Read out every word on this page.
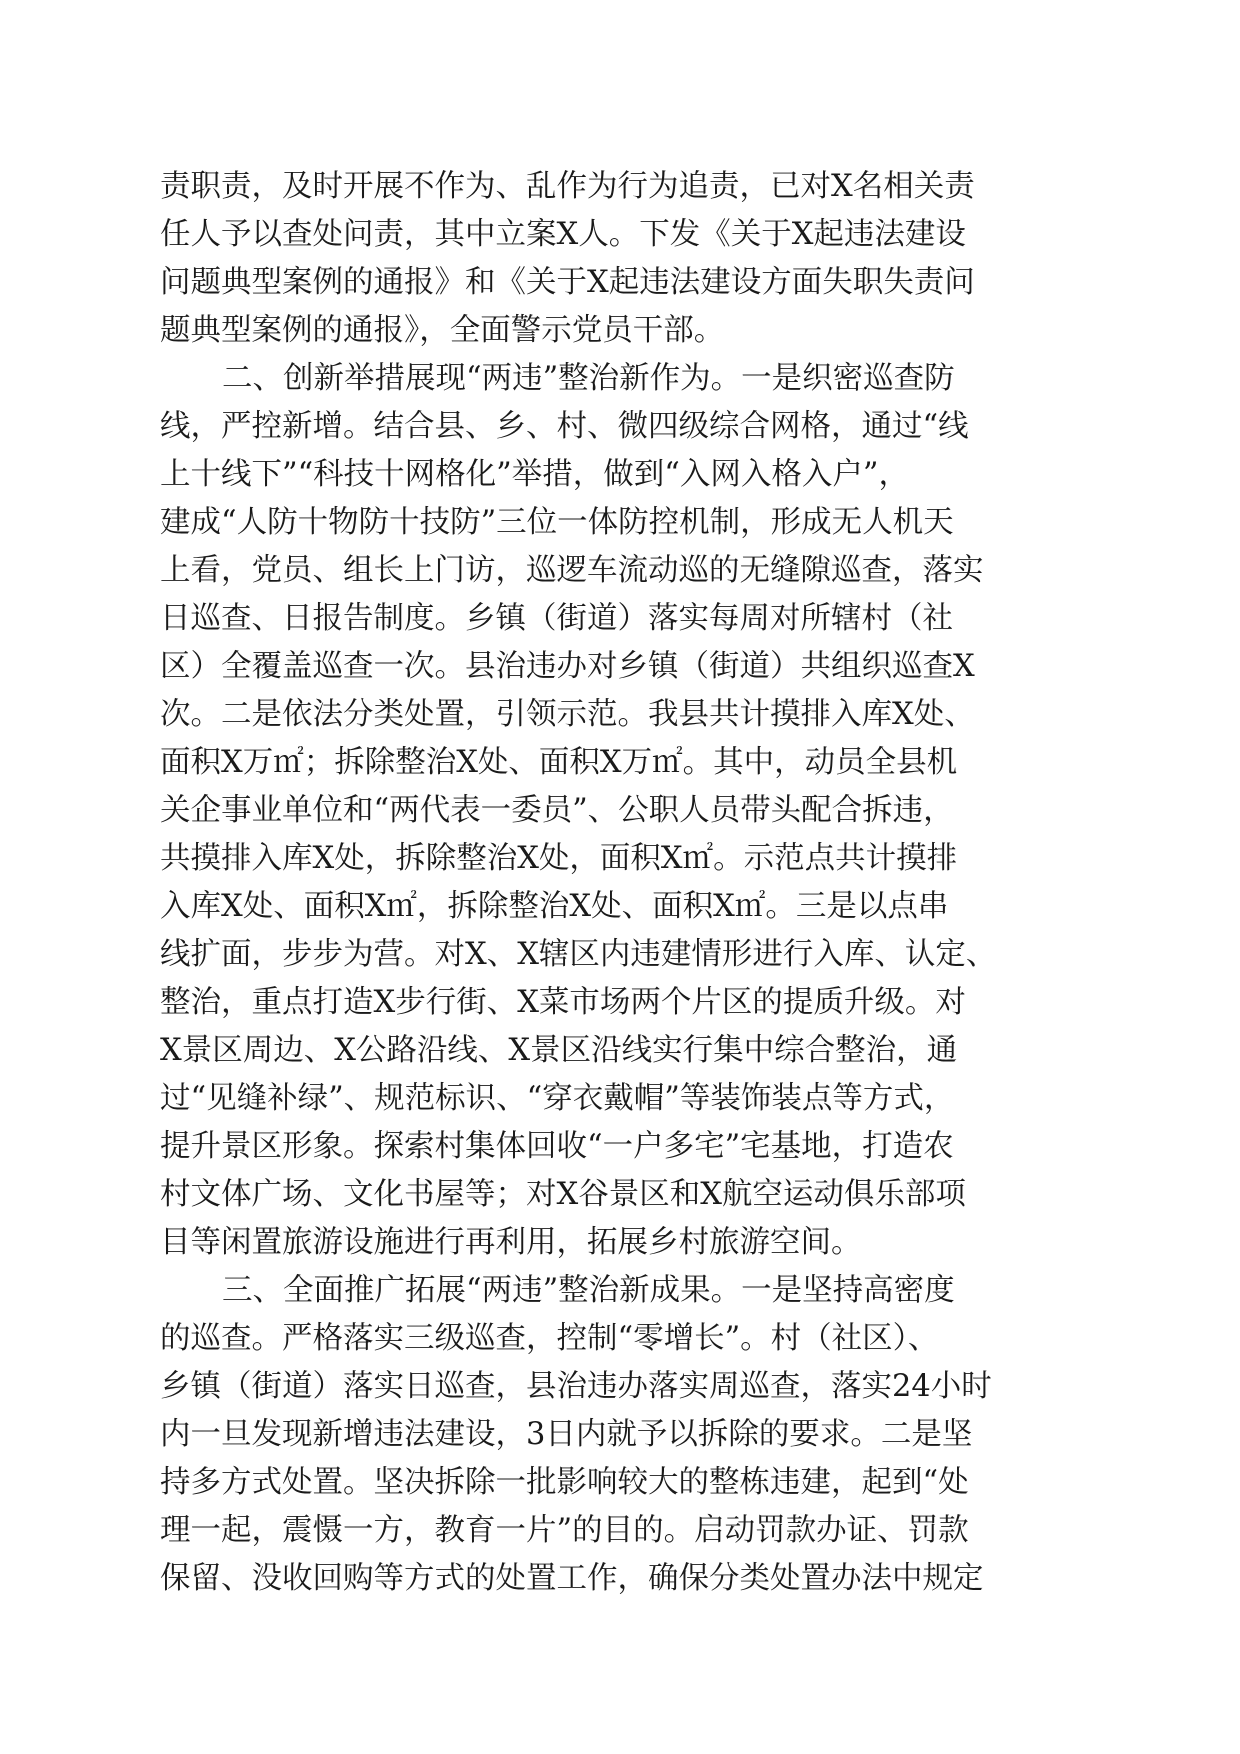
责职责，及时开展不作为、乱作为行为追责，已对X名相关责
任人予以查处问责，其中立案X人。下发《关于X起违法建设
问题典型案例的通报》和《关于X起违法建设方面失职失责问
题典型案例的通报》，全面警示党员干部。
二、创新举措展现“两违”整治新作为。一是织密巡查防
线，严控新增。结合县、乡、村、微四级综合网格，通过“线
上十线下”“科技十网格化”举措，做到“入网入格入户”，
建成“人防十物防十技防”三位一体防控机制，形成无人机天
上看，党员、组长上门访，巡逻车流动巡的无缝隙巡查，落实
日巡查、日报告制度。乡镇（街道）落实每周对所辖村（社
区）全覆盖巡查一次。县治违办对乡镇（街道）共组织巡查X
次。二是依法分类处置，引领示范。我县共计摸排入库X处、
面积X万㎡；拆除整治X处、面积X万㎡。其中，动员全县机
关企事业单位和“两代表一委员”、公职人员带头配合拆违，
共摸排入库X处，拆除整治X处，面积X㎡。示范点共计摸排
入库X处、面积X㎡，拆除整治X处、面积X㎡。三是以点串
线扩面，步步为营。对X、X辖区内违建情形进行入库、认定、
整治，重点打造X步行街、X菜市场两个片区的提质升级。对
X景区周边、X公路沿线、X景区沿线实行集中综合整治，通
过“见缝补绿”、规范标识、“穿衣戴帽”等装饰装点等方式，
提升景区形象。探索村集体回收“一户多宅”宅基地，打造农
村文体广场、文化书屋等；对X谷景区和X航空运动俱乐部项
目等闲置旅游设施进行再利用，拓展乡村旅游空间。
三、全面推广拓展“两违”整治新成果。一是坚持高密度
的巡查。严格落实三级巡查，控制“零增长”。村（社区）、
乡镇（街道）落实日巡查，县治违办落实周巡查，落实24小时
内一旦发现新增违法建设，3日内就予以拆除的要求。二是坚
持多方式处置。坚决拆除一批影响较大的整栋违建，起到“处
理一起，震慑一方，教育一片”的目的。启动罚款办证、罚款
保留、没收回购等方式的处置工作，确保分类处置办法中规定
